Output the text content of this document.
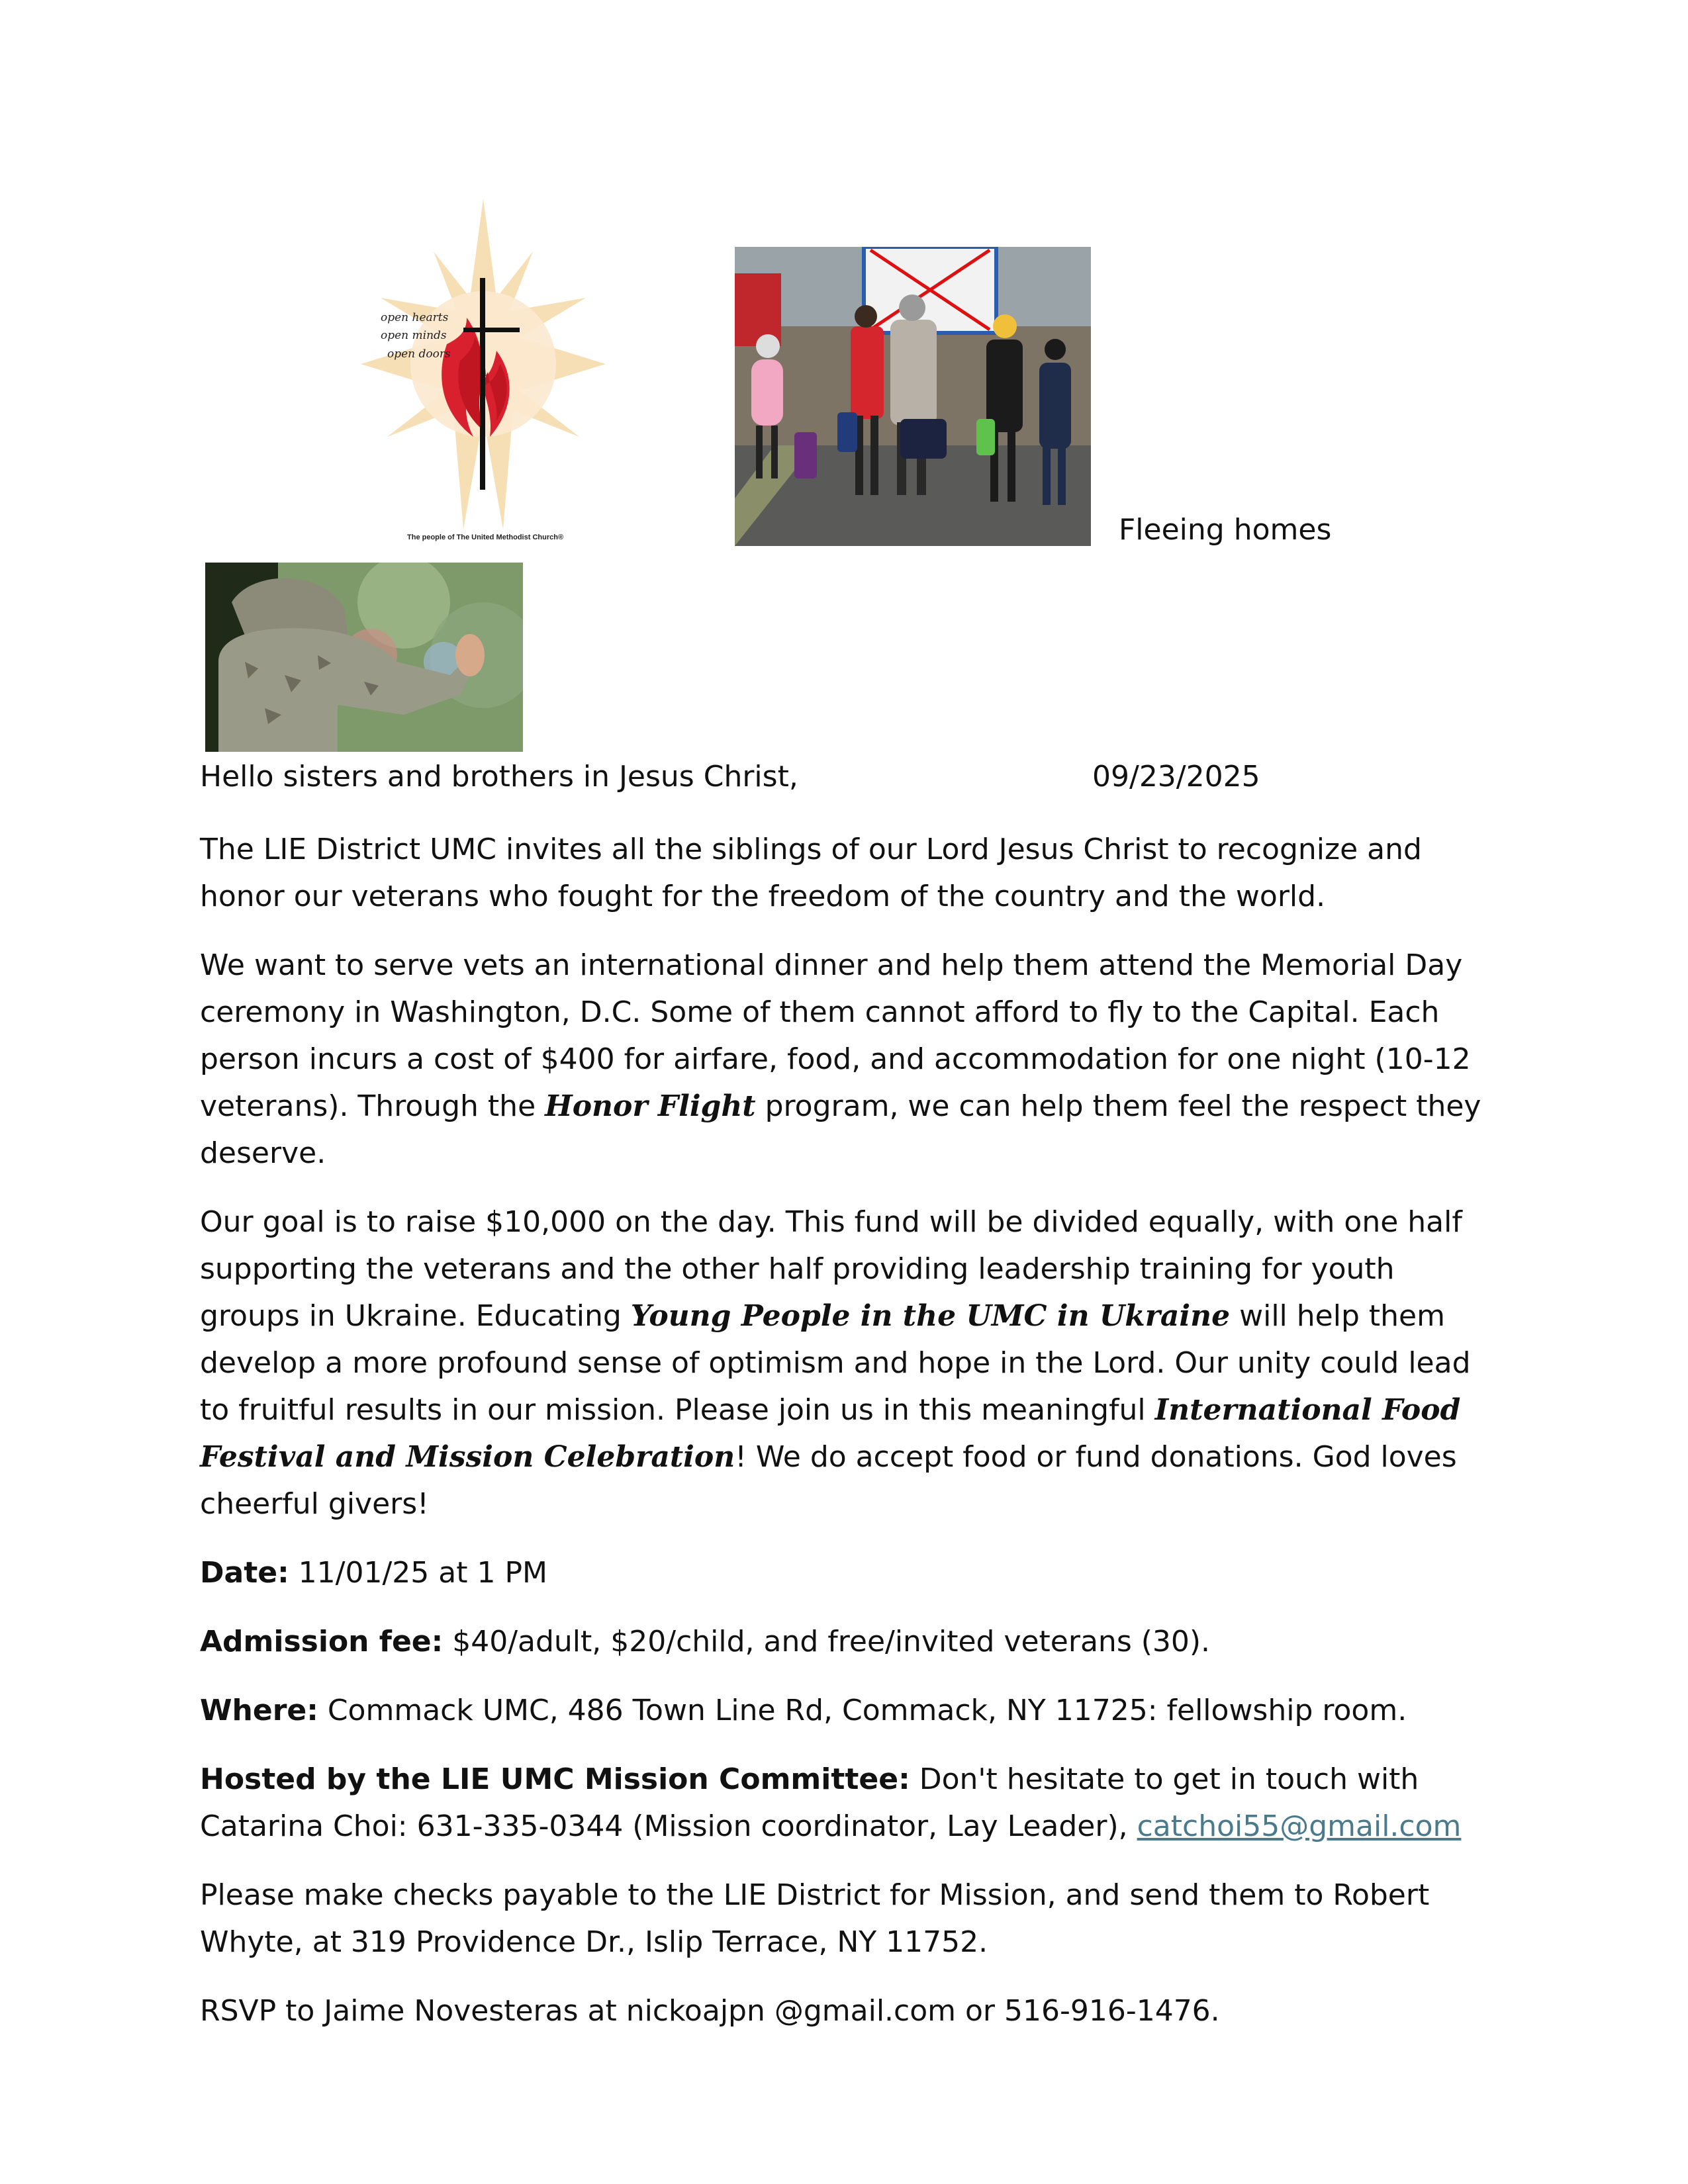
open hearts
open minds
open doors
The people of The United Methodist Church®	Fleeing homes
Hello sisters and brothers in Jesus Christ,	09/23/2025

The LIE District UMC invites all the siblings of our Lord Jesus Christ to recognize and honor our veterans who fought for the freedom of the country and the world.

We want to serve vets an international dinner and help them attend the Memorial Day ceremony in Washington, D.C. Some of them cannot afford to fly to the Capital. Each person incurs a cost of $400 for airfare, food, and accommodation for one night (10-12 veterans). Through the Honor Flight program, we can help them feel the respect they deserve.

Our goal is to raise $10,000 on the day. This fund will be divided equally, with one half supporting the veterans and the other half providing leadership training for youth groups in Ukraine. Educating Young People in the UMC in Ukraine will help them develop a more profound sense of optimism and hope in the Lord. Our unity could lead to fruitful results in our mission. Please join us in this meaningful International Food Festival and Mission Celebration! We do accept food or fund donations. God loves cheerful givers!

Date: 11/01/25 at 1 PM

Admission fee: $40/adult, $20/child, and free/invited veterans (30).

Where: Commack UMC, 486 Town Line Rd, Commack, NY 11725: fellowship room.

Hosted by the LIE UMC Mission Committee: Don't hesitate to get in touch with Catarina Choi: 631-335-0344 (Mission coordinator, Lay Leader), catchoi55@gmail.com

Please make checks payable to the LIE District for Mission, and send them to Robert Whyte, at 319 Providence Dr., Islip Terrace, NY 11752.

RSVP to Jaime Novesteras at nickoajpn @gmail.com or 516-916-1476.
